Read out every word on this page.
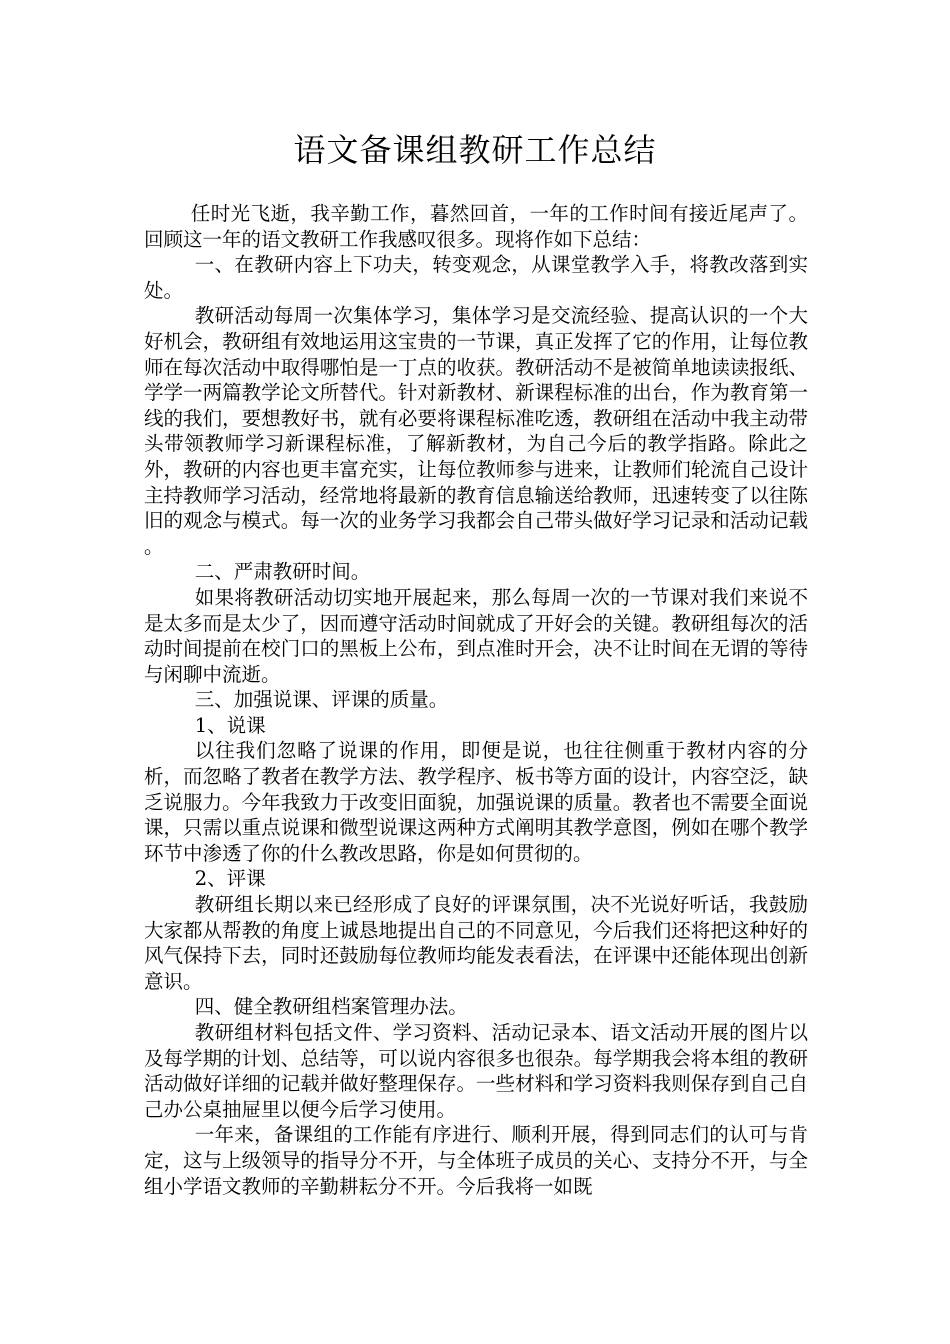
语文备课组教研工作总结

任时光飞逝，我辛勤工作，暮然回首，一年的工作时间有接近尾声了。回顾这一年的语文教研工作我感叹很多。现将作如下总结：

一、在教研内容上下功夫，转变观念，从课堂教学入手，将教改落到实处。

教研活动每周一次集体学习，集体学习是交流经验、提高认识的一个大好机会，教研组有效地运用这宝贵的一节课，真正发挥了它的作用，让每位教师在每次活动中取得哪怕是一丁点的收获。教研活动不是被简单地读读报纸、学学一两篇教学论文所替代。针对新教材、新课程标准的出台，作为教育第一线的我们，要想教好书，就有必要将课程标准吃透，教研组在活动中我主动带头带领教师学习新课程标准，了解新教材，为自己今后的教学指路。除此之外，教研的内容也更丰富充实，让每位教师参与进来，让教师们轮流自己设计主持教师学习活动，经常地将最新的教育信息输送给教师，迅速转变了以往陈旧的观念与模式。每一次的业务学习我都会自己带头做好学习记录和活动记载 。

二、严肃教研时间。

如果将教研活动切实地开展起来，那么每周一次的一节课对我们来说不是太多而是太少了，因而遵守活动时间就成了开好会的关键。教研组每次的活动时间提前在校门口的黑板上公布，到点准时开会，决不让时间在无谓的等待与闲聊中流逝。

三、加强说课、评课的质量。

1、说课

以往我们忽略了说课的作用，即便是说，也往往侧重于教材内容的分析，而忽略了教者在教学方法、教学程序、板书等方面的设计，内容空泛，缺乏说服力。今年我致力于改变旧面貌，加强说课的质量。教者也不需要全面说课，只需以重点说课和微型说课这两种方式阐明其教学意图，例如在哪个教学环节中渗透了你的什么教改思路，你是如何贯彻的。

2、评课

教研组长期以来已经形成了良好的评课氛围，决不光说好听话，我鼓励大家都从帮教的角度上诚恳地提出自己的不同意见，今后我们还将把这种好的风气保持下去，同时还鼓励每位教师均能发表看法，在评课中还能体现出创新意识。

四、健全教研组档案管理办法。

教研组材料包括文件、学习资料、活动记录本、语文活动开展的图片以及每学期的计划、总结等，可以说内容很多也很杂。每学期我会将本组的教研活动做好详细的记载并做好整理保存。一些材料和学习资料我则保存到自己自己办公桌抽屉里以便今后学习使用。

一年来，备课组的工作能有序进行、顺利开展，得到同志们的认可与肯定，这与上级领导的指导分不开，与全体班子成员的关心、支持分不开，与全组小学语文教师的辛勤耕耘分不开。今后我将一如既
